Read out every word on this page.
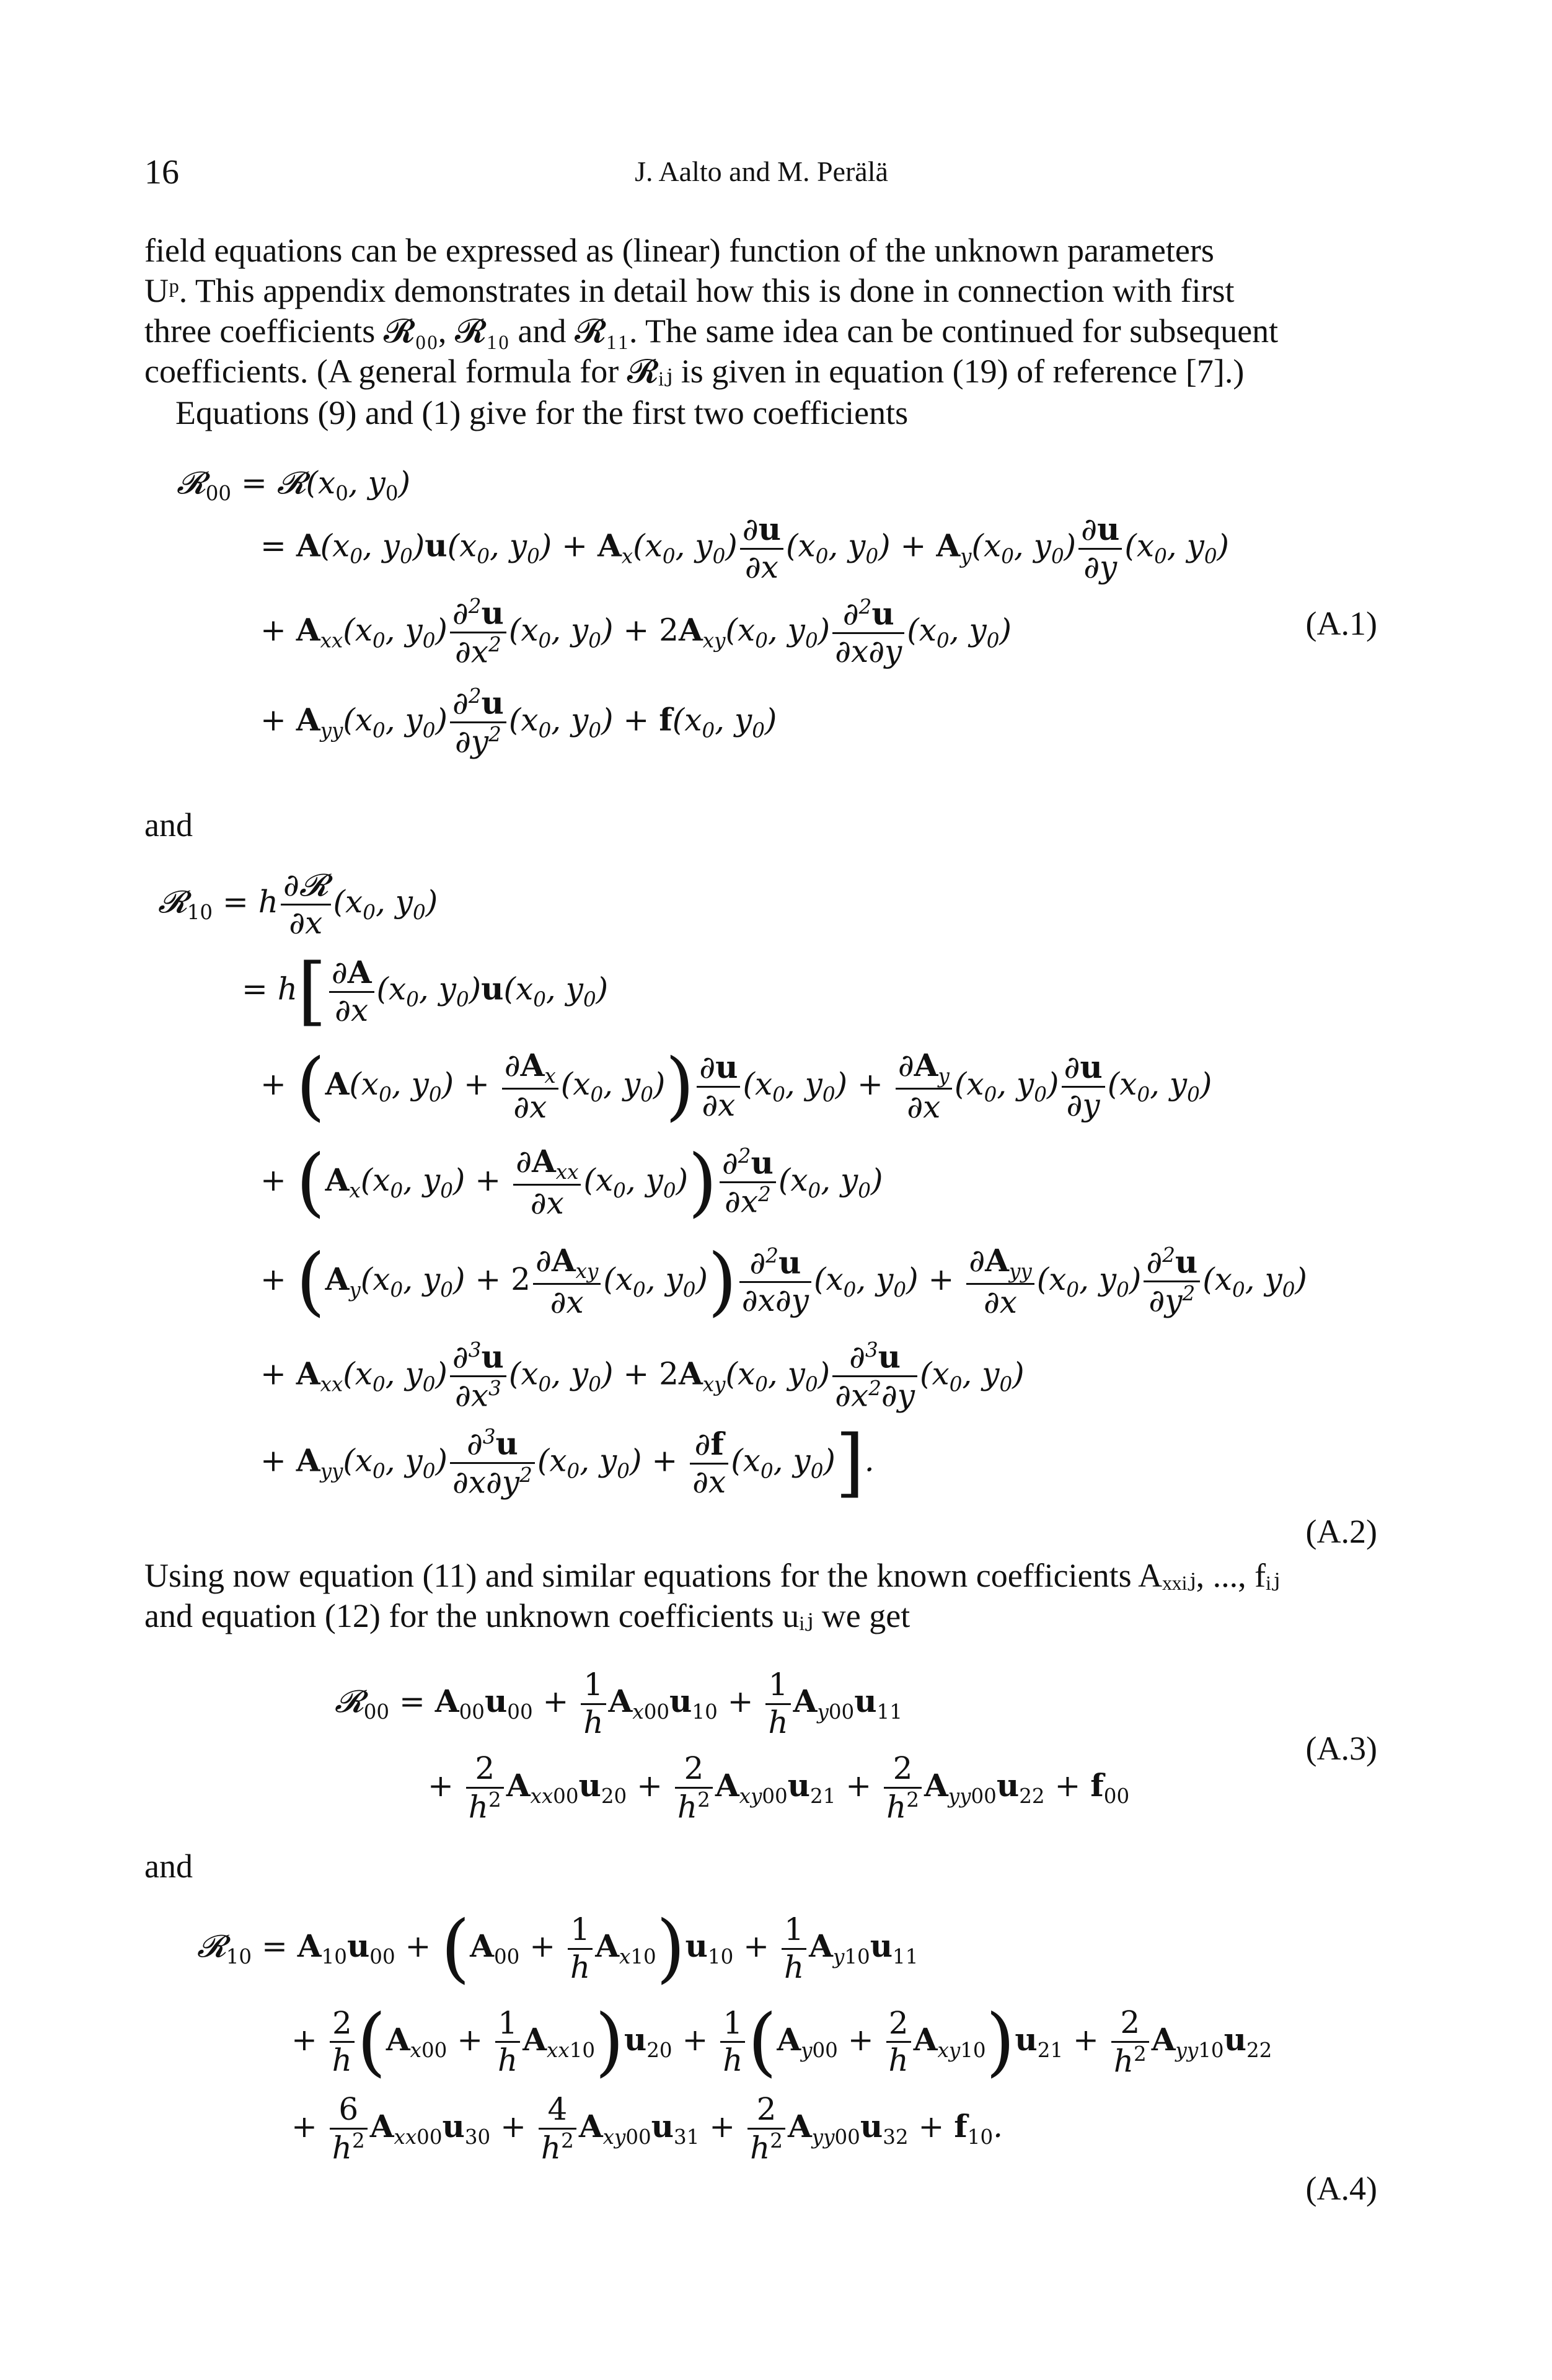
16	J. Aalto and M. Perälä
field equations can be expressed as (linear) function of the unknown parameters
Uᵖ. This appendix demonstrates in detail how this is done in connection with first
three coefficients 𝓡₀₀, 𝓡₁₀ and 𝓡₁₁. The same idea can be continued for subsequent
coefficients. (A general formula for 𝓡ᵢⱼ is given in equation (19) of reference [7].)
Equations (9) and (1) give for the first two coefficients
𝓡$_{00}$ = $𝓡(x_0$, $y_0$)
= $A(x_0$, $y_0)u(x_0$, $y_0) + A_x(x_0$, $y_0) \frac{\partial u}{\partial x} (x_0$, $y_0) + A_y(x_0$, $y_0) \frac{\partial u}{\partial y} (x_0$, $y_0$)
+ $A_{xx}(x_0$, $y_0) \frac{\partial^2u}{\partial x^2} (x_0$, $y_0) + 2A_{xy}(x_0$, $y_0) \frac{\partial^2u}{\partial x\partial y} (x_0$, $y_0$)	(A.1)
+ $A_{yy}(x_0$, $y_0) \frac{\partial^2u}{\partial y^2} (x_0$, $y_0) + f(x_0$, $y_0$)
and
𝓡$_{10}$ = h $\frac{\text{∂𝓡}}{\partial x} (x_0$, $y_0$)
= $h[ \frac{\partial A}{\partial x} (x_0$, $y_0)u(x_0$, $y_0$)
+ ($A(x_0$, $y_0) + \frac{\partial A_x}{\partial x} (x_0$, $y_0)) \frac{\partial u}{\partial x} (x_0$, $y_0) + \frac{\partial A_y}{\partial x} (x_0$, $y_0) \frac{\partial u}{\partial y} (x_0$, $y_0$)
+ ($A_x(x_0$, $y_0) + \frac{\partial A_{xx}}{\partial x} (x_0$, $y_0)) \frac{\partial^2u}{\partial x^2} (x_0$, $y_0$)
+ ($A_y(x_0$, $y_0) + 2 \frac{\partial A_{xy}}{\partial x} (x_0$, $y_0)) \frac{\partial^2u}{\partial x\partial y} (x_0$, $y_0) + \frac{\partial A_{yy}}{\partial x} (x_0$, $y_0) \frac{\partial^2u}{\partial y^2} (x_0$, $y_0$)
+ $A_{xx}(x_0$, $y_0) \frac{\partial^3u}{\partial x^3} (x_0$, $y_0) + 2A_{xy}(x_0$, $y_0) \frac{\partial^3u}{\partial x^2\partial y} (x_0$, $y_0$)
+ $A_{yy}(x_0$, $y_0) \frac{\partial^3u}{\partial x\partial y^2} (x_0$, $y_0) + \frac{\partial f}{\partial x} (x_0$, $y_0$)].
(A.2)
Using now equation (11) and similar equations for the known coefficients Aₓₓᵢⱼ, ..., fᵢⱼ
and equation (12) for the unknown coefficients uᵢⱼ we get
𝓡$_{00}$ = $A_{00}u_{00} + \frac{1}{h} A_{x00}u_{10} + \frac{1}{h} A_{y00}u_{11}$
+ $\frac{2}{h^2} A_{xx00}u_{20} + \frac{2}{h^2} A_{xy00}u_{21} + \frac{2}{h^2} A_{yy00}u_{22} + f_{00}$
(A.3)
and
𝓡$_{10}$ = $A_{10}u_{00} + (A_{00} + \frac{1}{h} A_{x10})u_{10} + \frac{1}{h} A_{y10}u_{11}$
+ $\frac{2}{h} (A_{x00} + \frac{1}{h} A_{xx10})u_{20} + \frac{1}{h} (A_{y00} + \frac{2}{h} A_{xy10})u_{21} + \frac{2}{h^2} A_{yy10}u_{22}$
+ $\frac{6}{h^2} A_{xx00}u_{30} + \frac{4}{h^2} A_{xy00}u_{31} + \frac{2}{h^2} A_{yy00}u_{32} + f_{10}$.
(A.4)
